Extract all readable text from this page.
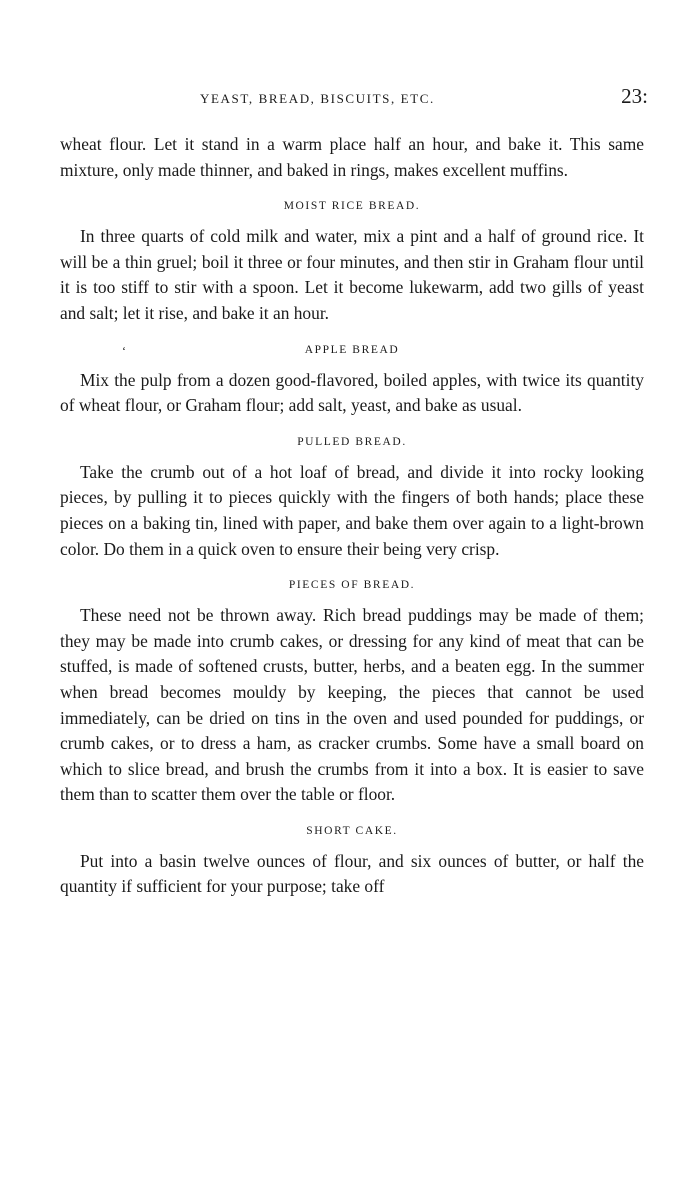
YEAST, BREAD, BISCUITS, ETC.	23:

wheat flour. Let it stand in a warm place half an hour, and bake it. This same mixture, only made thinner, and baked in rings, makes excellent muffins.

MOIST RICE BREAD.

In three quarts of cold milk and water, mix a pint and a half of ground rice. It will be a thin gruel; boil it three or four minutes, and then stir in Graham flour until it is too stiff to stir with a spoon. Let it become lukewarm, add two gills of yeast and salt; let it rise, and bake it an hour.

‘	APPLE BREAD

Mix the pulp from a dozen good-flavored, boiled apples, with twice its quantity of wheat flour, or Graham flour; add salt, yeast, and bake as usual.

PULLED BREAD.

Take the crumb out of a hot loaf of bread, and divide it into rocky looking pieces, by pulling it to pieces quickly with the fingers of both hands; place these pieces on a baking tin, lined with paper, and bake them over again to a light-brown color. Do them in a quick oven to ensure their being very crisp.

PIECES OF BREAD.

These need not be thrown away. Rich bread puddings may be made of them; they may be made into crumb cakes, or dressing for any kind of meat that can be stuffed, is made of softened crusts, butter, herbs, and a beaten egg. In the summer when bread becomes mouldy by keeping, the pieces that cannot be used immediately, can be dried on tins in the oven and used pounded for puddings, or crumb cakes, or to dress a ham, as cracker crumbs. Some have a small board on which to slice bread, and brush the crumbs from it into a box. It is easier to save them than to scatter them over the table or floor.

SHORT CAKE.

Put into a basin twelve ounces of flour, and six ounces of butter, or half the quantity if sufficient for your purpose; take off
